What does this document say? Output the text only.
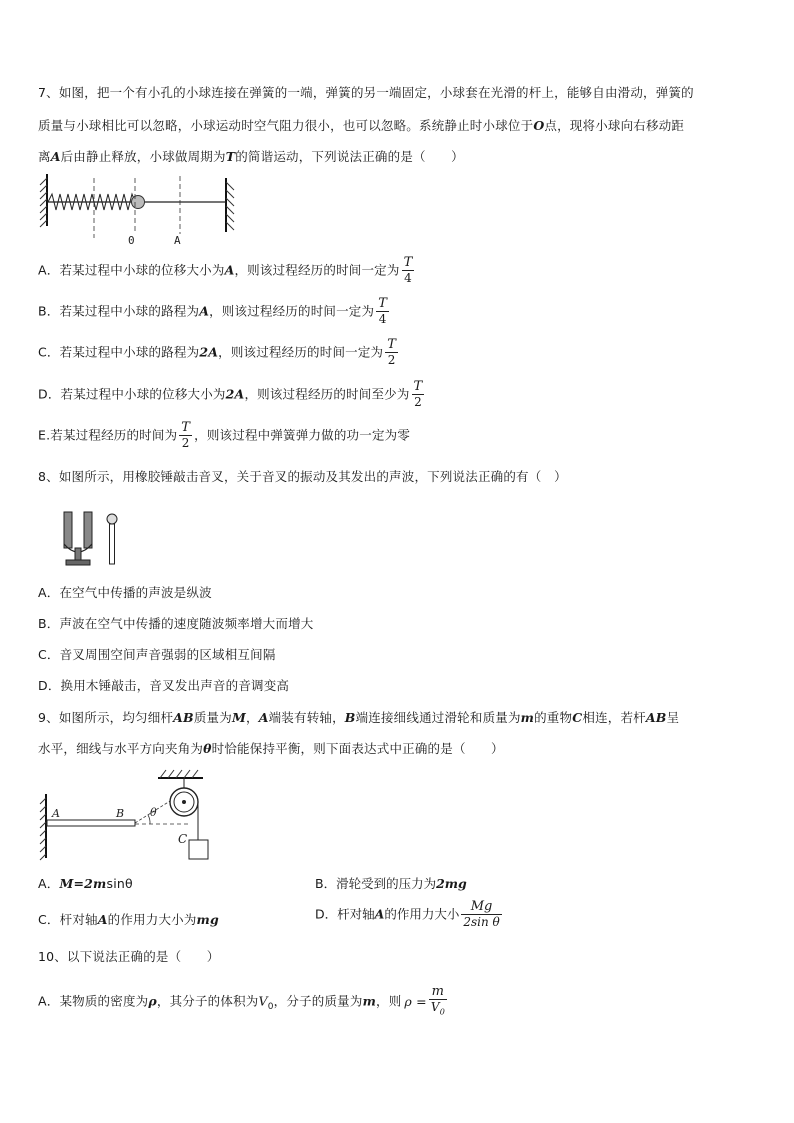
7、如图，把一个有小孔的小球连接在弹簧的一端，弹簧的另一端固定，小球套在光滑的杆上，能够自由滑动，弹簧的
质量与小球相比可以忽略，小球运动时空气阻力很小，也可以忽略。系统静止时小球位于O点，现将小球向右移动距
离A后由静止释放，小球做周期为T的简谐运动，下列说法正确的是（　　）
0	A
A．若某过程中小球的位移大小为A，则该过程经历的时间一定为 $\frac{T}{4}$
B．若某过程中小球的路程为A，则该过程经历的时间一定为 $\frac{T}{4}$
C．若某过程中小球的路程为2A，则该过程经历的时间一定为 $\frac{T}{2}$
D．若某过程中小球的位移大小为2A，则该过程经历的时间至少为 $\frac{T}{2}$
E.若某过程经历的时间为 $\frac{T}{2}$ ，则该过程中弹簧弹力做的功一定为零
8、如图所示，用橡胶锤敲击音叉，关于音叉的振动及其发出的声波，下列说法正确的有（　）
A．在空气中传播的声波是纵波
B．声波在空气中传播的速度随波频率增大而增大
C．音叉周围空间声音强弱的区域相互间隔
D．换用木锤敲击，音叉发出声音的音调变高
9、如图所示，均匀细杆AB质量为M，A端装有转轴，B端连接细线通过滑轮和质量为m的重物C相连，若杆AB呈
水平，细线与水平方向夹角为θ时恰能保持平衡，则下面表达式中正确的是（　　）
A	B θ
C
A．M=2msinθ	B．滑轮受到的压力为2mg
C．杆对轴A的作用力大小为mg	D．杆对轴A的作用力大小 $\frac{Mg}{\text{2sin θ}}$
10、以下说法正确的是（　　）
A．某物质的密度为ρ，其分子的体积为$V_0$，分子的质量为m，则 $\rho = \frac{m}{V_0}$
